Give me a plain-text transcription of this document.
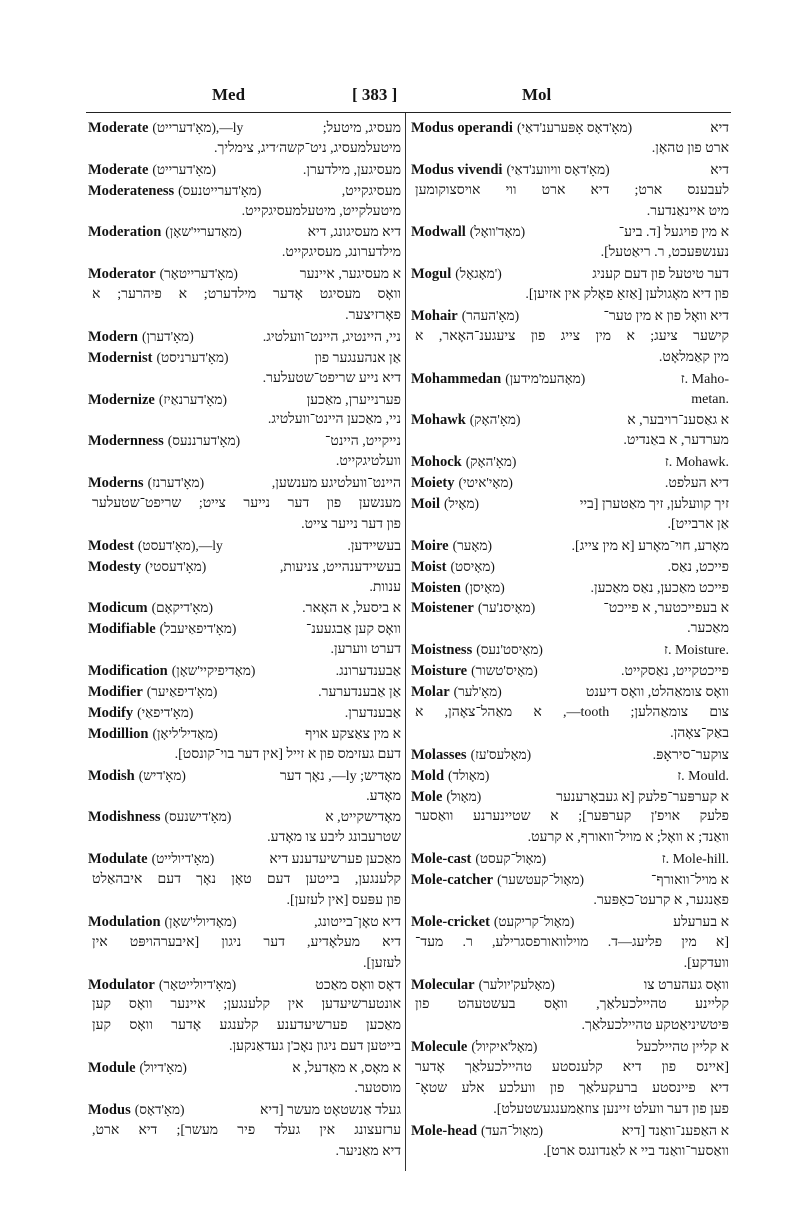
Med	[ 383 ]	Mol
Moderate (מאָ'דערייט),—ly	מעסיג, מיטעל;
מיטעלמעסיג, ניט־קשה׳דיג, צימליך.
Moderate (מאָ'דערייט)	מעסיגען, מילדערן.
Moderateness (מאָ'דערייטנעס)	מעסיגקייט,
מיטעלקייט, מיטעלמעסיגקייט.
Moderation (מאָדעריי'שאָן)	דיא מעסיגונג, דיא
מילדערונג, מעסיגקייט.
Moderator (מאָ'דערייטאָר)	א מעסיגער, איינער
וואָס מעסיגט אָדער מילדערט; א פיהרער; א
פאָרזיצער.
Modern (מאָ'דערן)	ניי, היינטיג, היינט־וועלטיג.
Modernist (מאָ'דערניסט)	אַן אנהענגער פון
דיא נייע שריפט־שטעלער.
Modernize (מאָ'דערנאַיז)	פערנייערן, מאַכען
ניי, מאַכען היינט־וועלטיג.
Modernness (מאָ'דערננעס)	נייקייט, היינט־
וועלטיגקייט.
Moderns (מאָ'דערנז)	היינט־וועלטיגע מענשען,
מענשען פון דער נייער צייט; שריפט־שטעלער
פון דער נייער צייט.
Modest (מאָ'דעסט),—ly	בעשיידען.
Modesty (מאָ'דעסטי)	בעשיידענהייט, צניעות,
ענוות.
Modicum (מאָ'דיקאָם)	א ביסעל, א האָאר.
Modifiable (מאָ'דיפאַיעבל)	וואָס קען אַבגעענ־
דערט ווערען.
Modification (מאָדיפיקיי'שאָן)	אַבענדערונג.
Modifier (מאָ'דיפאַיער)	אַן אַבענדערער.
Modify (מאָ'דיפאַי)	אַבענדערן.
Modillion (מאָדיל'ליאָן)	א מין צאַצקע אויף
דעם געזימס פון א זייל [אין דער בוי־קונסט].
Modish (מאָ'דיש)	מאָדיש; ly—, נאָך דער
מאָדע.
Modishness (מאָ'דישנעס)	מאָדישקייט, א
שטרעבונג ליבע צו מאָדע.
Modulate (מאָ'דיולייט)	מאַכען פערשיעדענע דיא
קלענגען, בייטען דעם טאָן נאָך דעם איבהאַלט
פון עפּעס [אין לעזען].
Modulation (מאָדיולי'שאָן)	דיא טאָן־בייטונג,
דיא מעלאָדיע, דער ניגון [איבערהויפּט אין
לעזען].
Modulator (מאָ'דיולייטאָר)	דאָס וואָס מאַכט
אונטערשיעדען אין קלענגען; איינער וואָס קען
מאַכען פערשיעדענע קלענגע אָדער וואָס קען
בייטען דעם ניגון נאָכ'ן געדאַנקען.
Module (מאָ'דיול)	א מאָס, א מאָדעל, א
מוסטער.
Modus (מאָ'דאָס)	געלד אַנשטאָט מעשר [דיא
ערזעצונג אין געלד פיר מעשר]; דיא ארט,
דיא מאַניער.
Modus operandi (מאָ'דאָס אָפּערענ'דאַי)	דיא
ארט פון טהאָן.
Modus vivendi (מאָ'דאָס וויווענ'דאַי)	דיא
לעבענס ארט; דיא ארט ווי אויסצוקומען
מיט איינאַנדער.
Modwall (מאָד'וואָל)	א מין פויגעל [ד. ביע־
נענשפּעכט, ר. ריאַטעל].
Mogul (מאָגאָל')	דער טיטעל פון דעם קעניג
פון דיא מאָגולען [אַזאַ פאָלק אין אזיען].
Mohair (מאָ'העהר)	דיא וואָל פון א מין טער־
קישער ציעג; א מין צייג פון ציעגענ־האָאר, א
מין קאַמלאָט.
Mohammedan (מאָהעמ'מידען)	ז. Maho-
metan.
Mohawk (מאָ'האָק)	א גאַסענ־רויבער, א
מערדער, א באַנדיט.
Mohock (מאָ'האָק)	ז. Mohawk.
Moiety (מאָי'איטי)	דיא העלפט.
Moil (מאָיל)	זיך קוועלען, זיך מאַטערן [ביי
אַן ארבייט].
Moire (מאָער)	מאָרע, חוי־מאָרע [א מין צייג].
Moist (מאָיסט)	פייכט, נאַס.
Moisten (מאָיסן)	פייכט מאַכען, נאַס מאַכען.
Moistener (מאָיסנ'ער)	א בעפייכטער, א פייכט־
מאַכער.
Moistness (מאָיסט'נעס)	ז. Moisture.
Moisture (מאָיס'טשור)	פייכטקייט, נאַסקייט.
Molar (מאָ'לער)	וואָס צומאַהלט, וואָס דיענט
צום צומאַהלען; tooth—, א מאַהל־צאָהן, א
באַק־צאָהן.
Molasses (מאָלעס'עז)	צוקער־סיראָפּ.
Mold (מאָולד)	ז. Mould.
Mole (מאָול)	א קערפּער־פלעק [א געבאָרענער
פלעק אויפ'ן קערפּער]; א שטיינערנע וואַסער
וואַנד; א וואָל; א מויל־וואורף, א קרעט.
Mole-cast (מאָול־קעסט)	ז. Mole-hill.
Mole-catcher (מאָול־קעטשער)	א מויל־וואורף־
פאַנגער, א קרעט־כאַפּער.
Mole-cricket (מאָול־קריקעט)	א בערעלע
[א מין פליעג—ד. מוילוואורפסגרילע, ר. מעד־
וועדקע].
Molecular (מאָלעק'יולער)	וואָס געהערט צו
קליינע טהיילכעלאַך, וואָס בעשטעהט פון
פּיטשיניאַטקע טהיילכעלאַך.
Molecule (מאָל'איקיול)	א קליין טהיילכעל
[איינס פון דיא קלענסטע טהיילכעלאַך אָדער
דיא פיינסטע ברעקעלאַך פון וועלכע אלע שטאָ־
פען פון דער וועלט זיינען צוזאַמענגעשטעלט].
Mole-head (מאָול־העד)	א האַפענ־וואַנד [דיא
וואַסער־וואַנד ביי א לאַנדונגס ארט].
